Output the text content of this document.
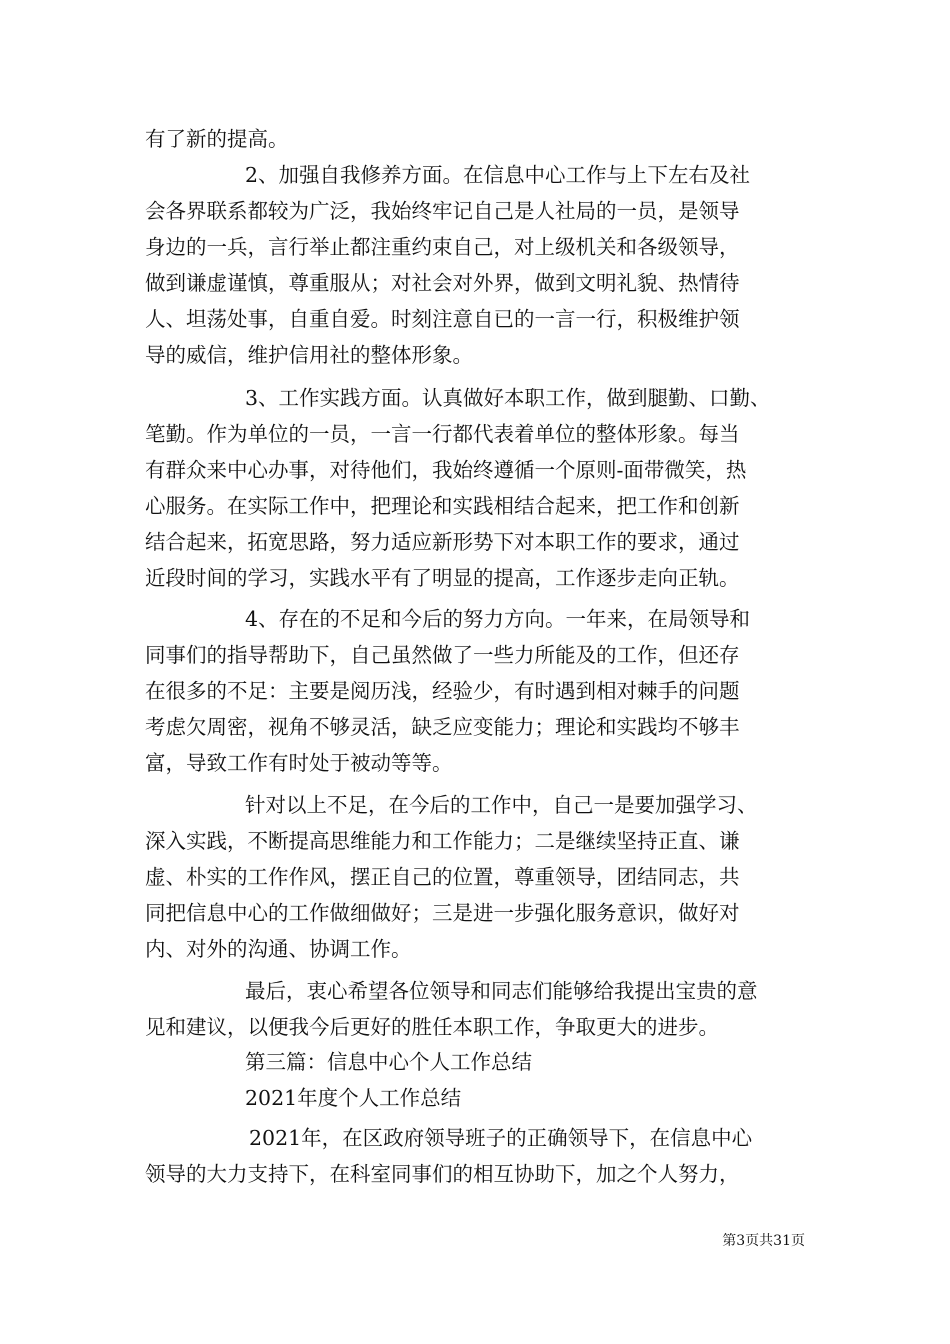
有了新的提高。
2、加强自我修养方面。在信息中心工作与上下左右及社
会各界联系都较为广泛，我始终牢记自己是人社局的一员，是领导
身边的一兵，言行举止都注重约束自己，对上级机关和各级领导，
做到谦虚谨慎，尊重服从；对社会对外界，做到文明礼貌、热情待
人、坦荡处事，自重自爱。时刻注意自已的一言一行，积极维护领
导的威信，维护信用社的整体形象。
3、工作实践方面。认真做好本职工作，做到腿勤、口勤、
笔勤。作为单位的一员，一言一行都代表着单位的整体形象。每当
有群众来中心办事，对待他们，我始终遵循一个原则-面带微笑，热
心服务。在实际工作中，把理论和实践相结合起来，把工作和创新
结合起来，拓宽思路，努力适应新形势下对本职工作的要求，通过
近段时间的学习，实践水平有了明显的提高，工作逐步走向正轨。
4、存在的不足和今后的努力方向。一年来，在局领导和
同事们的指导帮助下，自己虽然做了一些力所能及的工作，但还存
在很多的不足：主要是阅历浅，经验少，有时遇到相对棘手的问题
考虑欠周密，视角不够灵活，缺乏应变能力；理论和实践均不够丰
富，导致工作有时处于被动等等。
针对以上不足，在今后的工作中，自己一是要加强学习、
深入实践，不断提高思维能力和工作能力；二是继续坚持正直、谦
虚、朴实的工作作风，摆正自己的位置，尊重领导，团结同志，共
同把信息中心的工作做细做好；三是进一步强化服务意识，做好对
内、对外的沟通、协调工作。
最后，衷心希望各位领导和同志们能够给我提出宝贵的意
见和建议，以便我今后更好的胜任本职工作，争取更大的进步。
第三篇：信息中心个人工作总结
2021年度个人工作总结
2021年，在区政府领导班子的正确领导下，在信息中心
领导的大力支持下，在科室同事们的相互协助下，加之个人努力，
第3页共31页
